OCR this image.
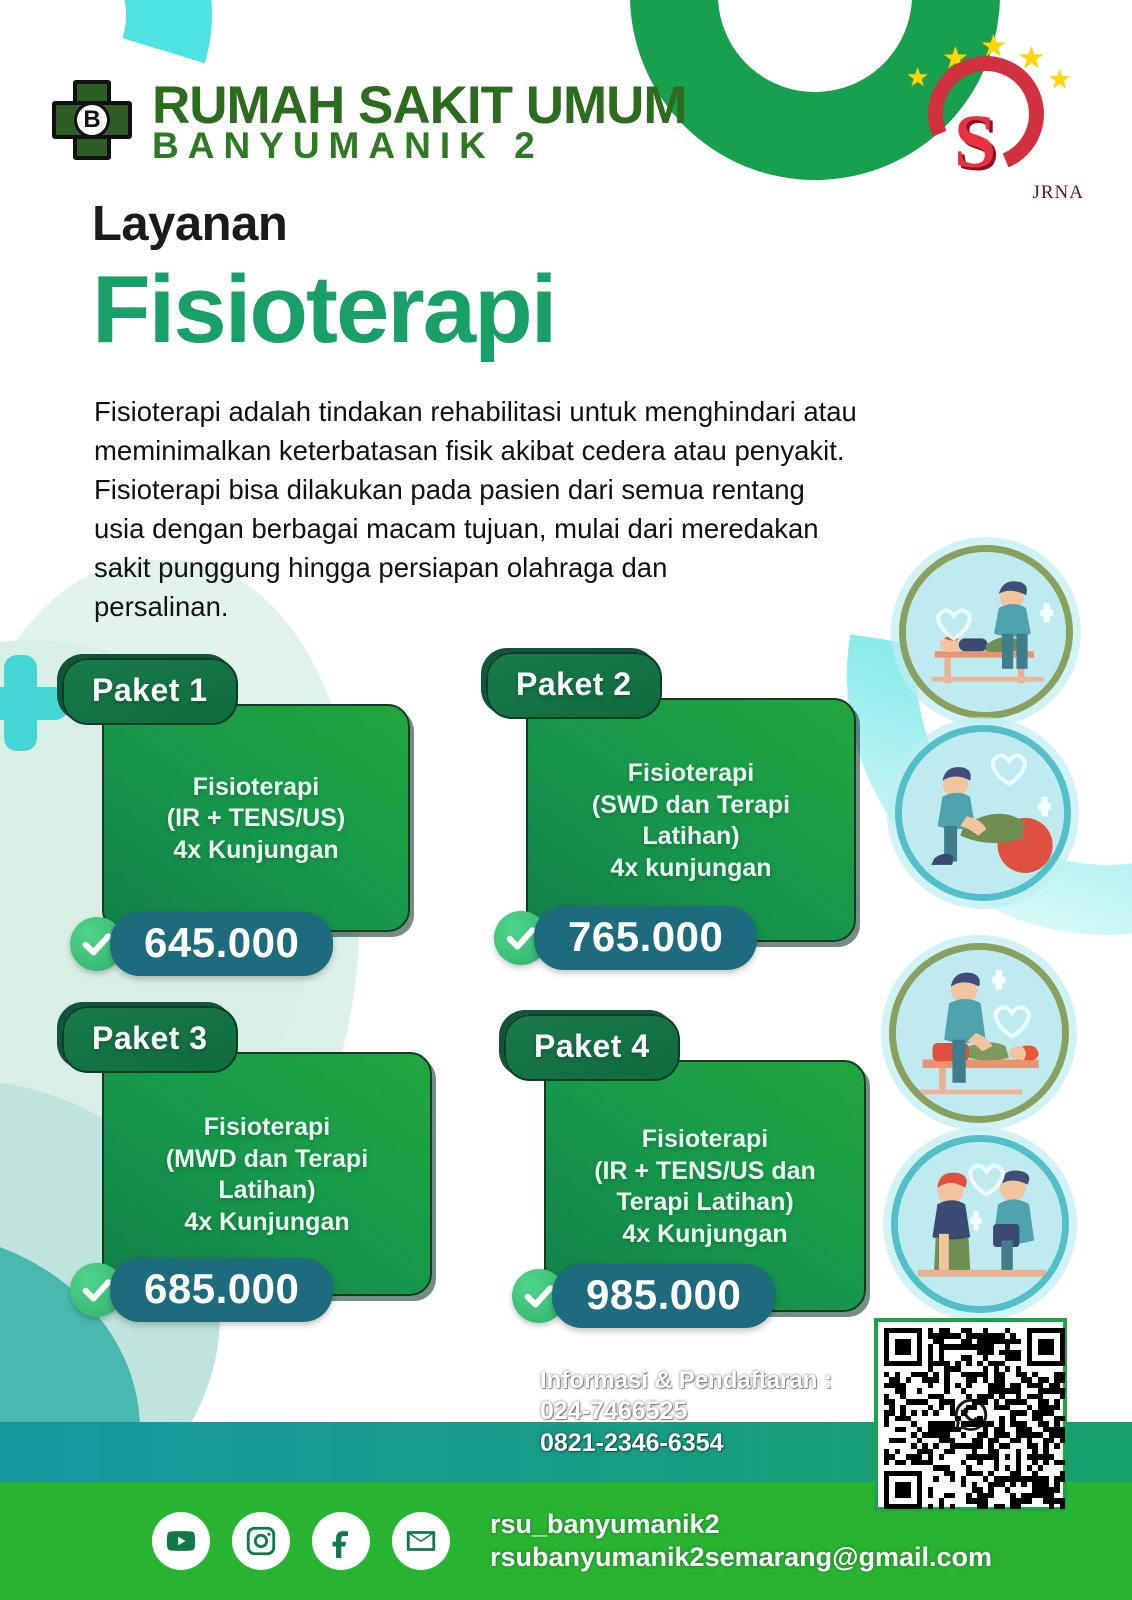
B RUMAH SAKIT UMUM
BANYUMANIK 2
★
★ ★ ★
★
S
JRNA
Layanan
Fisioterapi

Fisioterapi adalah tindakan rehabilitasi untuk menghindari atau

meminimalkan keterbatasan fisik akibat cedera atau penyakit.

Fisioterapi bisa dilakukan pada pasien dari semua rentang

usia dengan berbagai macam tujuan, mulai dari meredakan

sakit punggung hingga persiapan olahraga dan

persalinan.

Fisioterapi
(IR + TENS/US)
4x Kunjungan
Paket 1
645.000
Fisioterapi
(SWD dan Terapi Latihan)
4x kunjungan
Paket 2
765.000
Fisioterapi
(MWD dan Terapi Latihan)
4x Kunjungan
Paket 3
685.000
Fisioterapi
(IR + TENS/US dan
Terapi Latihan)
4x Kunjungan
Paket 4
985.000
Informasi & Pendaftaran :
024-7466525
0821-2346-6354
rsu_banyumanik2
rsubanyumanik2semarang@gmail.com
